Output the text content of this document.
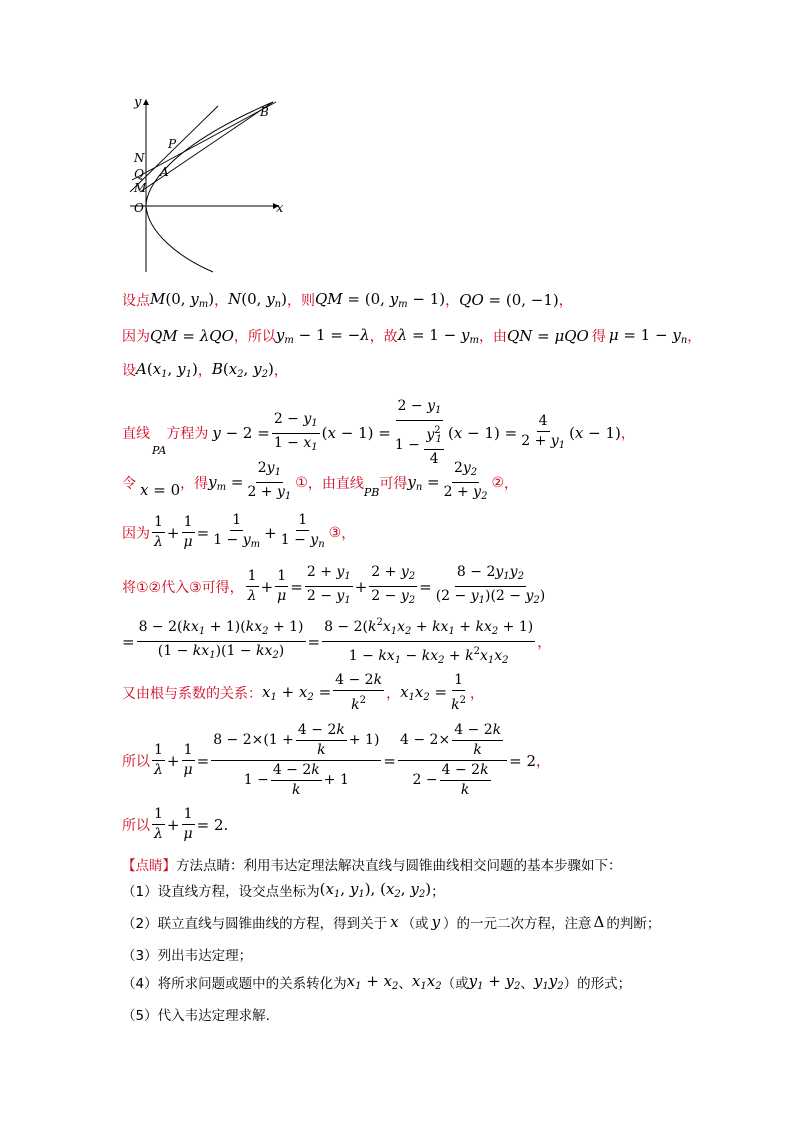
y
x
B
P
N
Q A
M
O
设点 M(0, $y_m$) ， N(0, $y_n$) ，则 QM = (0, $y_m - 1$) ， QO = (0, −1) ，
因为 QM = λQO ，所以 $y_m - 1 = -\lambda$ ，故 $\lambda = 1 - y_m$ ，由 QN = μQO 得 $\mu = 1 - y_n$ ，
设 $A(x_1$, $y_1$) ， $B(x_2$, $y_2$) ，
直线
PA
方程为 $y - 2 = \frac{2 - y_1}{1 - x_1} (x - 1) = \frac{2 - y_1}{1 - \frac{y^2_1}{4}} (x - 1) = \frac{4}{2 + y_1} (x - 1)$ ，
令 x = 0 ，得 $y_m = \frac{2y_1}{2 + y_1}$ ① ，由直线
PB
可得 $y_n = \frac{2y_2}{2 + y_2}$ ② ，
因为 $\frac{1}{\lambda} + \frac{1}{\mu} = \frac{1}{1 - y_m} + \frac{1}{1 - y_n}$ ③ ，
将①②代入③可得， $\frac{1}{\lambda} + \frac{1}{\mu} = \frac{2 + y_1}{2 - y_1} + \frac{2 + y_2}{2 - y_2} = \frac{8 - 2y_1y_2}{(2 - y_1)(2 - y_2)}$
= $\frac{8 - 2(kx_1 + 1)(kx_2 + 1)}{(1 - kx_1)(1 - kx_2)} = \frac{8 - 2(k^2x_1x_2 + kx_1 + kx_2 + 1)}{1 - kx_1 - kx_2 + k^2x_1x_2}$ ，
又由根与系数的关系： $x_1 + x_2 = \frac{4 - 2k}{k^2}$ ， $x_1x_2 = \frac{1}{k^2}$ ，
所以 $\frac{1}{\lambda} + \frac{1}{\mu} = \frac{8 - 2\times(1 + \frac{4 - 2k}{k} + 1)}{1 - \frac{4 - 2k}{k} + 1} = \frac{4 - 2\times \frac{4 - 2k}{k}}{2 - \frac{4 - 2k}{k}} = 2$ ，
所以 $\frac{1}{\lambda} + \frac{1}{\mu} = 2$ .
【点睛】 方法点睛：利用韦达定理法解决直线与圆锥曲线相交问题的基本步骤如下：
（1）设直线方程，设交点坐标为 ($x_1$, $y_1$), ($x_2$, $y_2$) ；
（2）联立直线与圆锥曲线的方程，得到关于 x （或 y ）的一元二次方程，注意 Δ 的判断；
（3）列出韦达定理；
（4）将所求问题或题中的关系转化为 $x_1 + x_2$ 、 $x_1x_2$ （或 $y_1 + y_2$ 、 $y_1y_2$ ）的形式；
（5）代入韦达定理求解.
